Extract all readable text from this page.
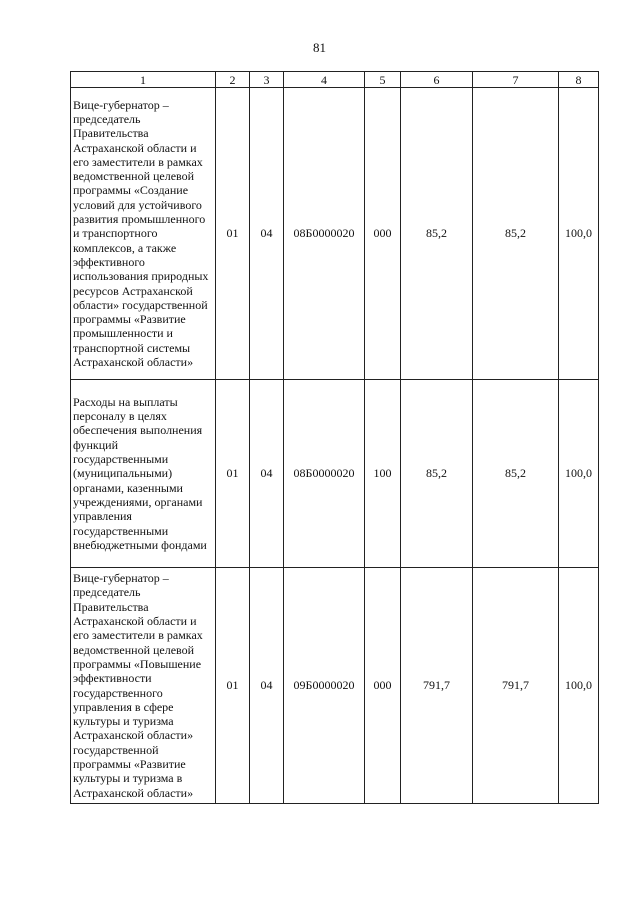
81
1	2	3	4	5	6	7	8
Вице-губернатор – председатель Правительства Астраханской области и его заместители в рамках ведомственной целевой программы «Создание условий для устойчивого развития промышленного и транспортного комплексов, а также эффективного использования природных ресурсов Астраханской области» государственной программы «Развитие промышленности и транспортной системы Астраханской области»	01	04	08Б0000020	000	85,2	85,2	100,0
Расходы на выплаты персоналу в целях обеспечения выполнения функций государственными (муниципальными) органами, казенными учреждениями, органами управления государственными внебюджетными фондами	01	04	08Б0000020	100	85,2	85,2	100,0
Вице-губернатор – председатель Правительства Астраханской области и его заместители в рамках ведомственной целевой программы «Повышение эффективности государственного управления в сфере культуры и туризма Астраханской области» государственной программы «Развитие культуры и туризма в Астраханской области»	01	04	09Б0000020	000	791,7	791,7	100,0
